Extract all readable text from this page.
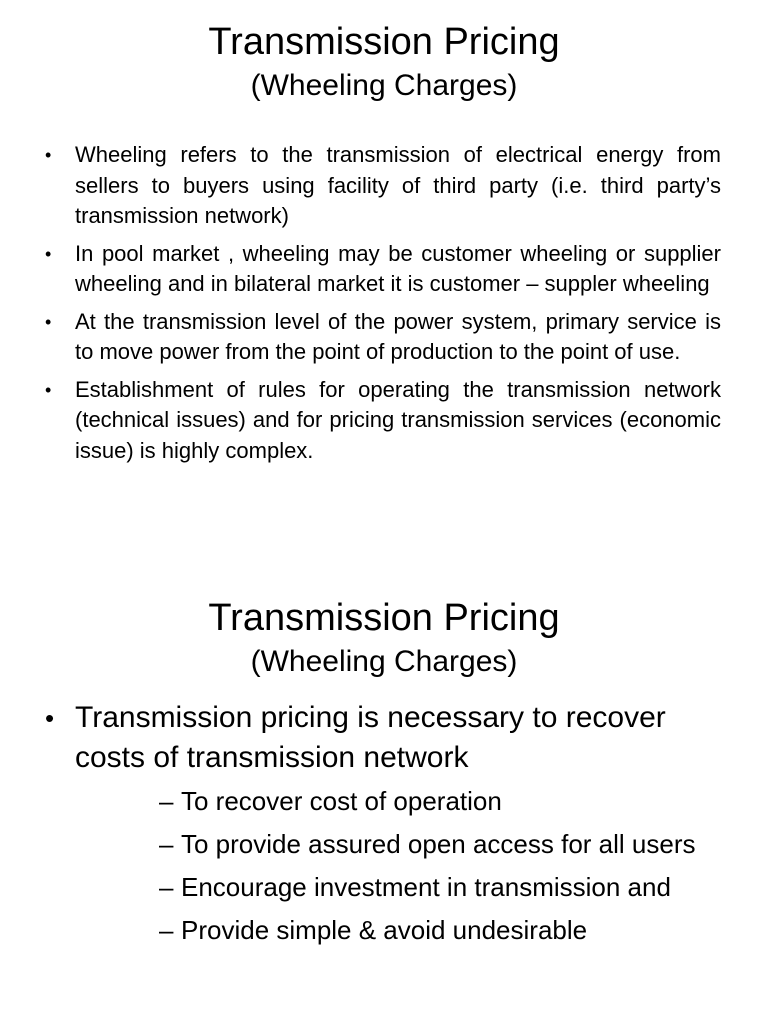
Transmission Pricing
(Wheeling Charges)
• Wheeling refers to the transmission of electrical energy from sellers to buyers using facility of third party (i.e. third party’s transmission network)
• In pool market , wheeling may be customer wheeling or supplier wheeling and in bilateral market it is customer – suppler wheeling
• At the transmission level of the power system, primary service is to move power from the point of production to the point of use.
• Establishment of rules for operating the transmission network (technical issues) and for pricing transmission services (economic issue) is highly complex.
Transmission Pricing
(Wheeling Charges)
• Transmission pricing is necessary to recover costs of transmission network
– To recover cost of operation
– To provide assured open access for all users
– Encourage investment in transmission and
– Provide simple & avoid undesirable
